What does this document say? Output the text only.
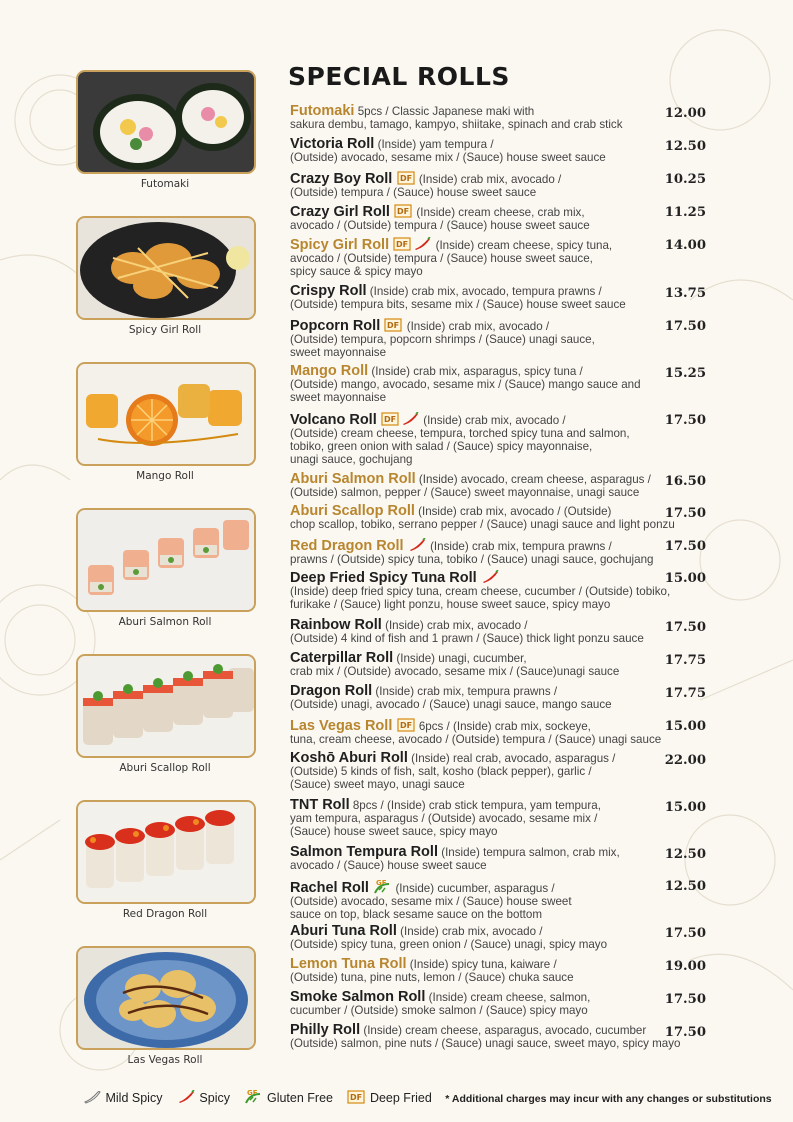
Futomaki
Spicy Girl Roll
Mango Roll
Aburi Salmon Roll
Aburi Scallop Roll
Red Dragon Roll
Las Vegas Roll
SPECIAL ROLLS
Futomaki 5pcs / Classic Japanese maki with
sakura dembu, tamago, kampyo, shiitake, spinach and crab stick
12.00
Victoria Roll (Inside) yam tempura /
(Outside) avocado, sesame mix / (Sauce) house sweet sauce
12.50
Crazy Boy Roll DF (Inside) crab mix, avocado /
(Outside) tempura / (Sauce) house sweet sauce
10.25
Crazy Girl Roll DF (Inside) cream cheese, crab mix,
avocado / (Outside) tempura / (Sauce) house sweet sauce
11.25
Spicy Girl Roll DF (Inside) cream cheese, spicy tuna,
avocado / (Outside) tempura / (Sauce) house sweet sauce,
spicy sauce & spicy mayo
14.00
Crispy Roll (Inside) crab mix, avocado, tempura prawns /
(Outside) tempura bits, sesame mix / (Sauce) house sweet sauce
13.75
Popcorn Roll DF (Inside) crab mix, avocado /
(Outside) tempura, popcorn shrimps / (Sauce) unagi sauce,
sweet mayonnaise
17.50
Mango Roll (Inside) crab mix, asparagus, spicy tuna /
(Outside) mango, avocado, sesame mix / (Sauce) mango sauce and
sweet mayonnaise
15.25
Volcano Roll DF (Inside) crab mix, avocado /
(Outside) cream cheese, tempura, torched spicy tuna and salmon,
tobiko, green onion with salad / (Sauce) spicy mayonnaise,
unagi sauce, gochujang
17.50
Aburi Salmon Roll (Inside) avocado, cream cheese, asparagus /
(Outside) salmon, pepper / (Sauce) sweet mayonnaise, unagi sauce
16.50
Aburi Scallop Roll (Inside) crab mix, avocado / (Outside)
chop scallop, tobiko, serrano pepper / (Sauce) unagi sauce and light ponzu
17.50
Red Dragon Roll (Inside) crab mix, tempura prawns /
prawns / (Outside) spicy tuna, tobiko / (Sauce) unagi sauce, gochujang
17.50
Deep Fried Spicy Tuna Roll
(Inside) deep fried spicy tuna, cream cheese, cucumber / (Outside) tobiko,
furikake / (Sauce) light ponzu, house sweet sauce, spicy mayo
15.00
Rainbow Roll (Inside) crab mix, avocado /
(Outside) 4 kind of fish and 1 prawn / (Sauce) thick light ponzu sauce
17.50
Caterpillar Roll (Inside) unagi, cucumber,
crab mix / (Outside) avocado, sesame mix / (Sauce)unagi sauce
17.75
Dragon Roll (Inside) crab mix, tempura prawns /
(Outside) unagi, avocado / (Sauce) unagi sauce, mango sauce
17.75
Las Vegas Roll DF 6pcs / (Inside) crab mix, sockeye,
tuna, cream cheese, avocado / (Outside) tempura / (Sauce) unagi sauce
15.00
Koshō Aburi Roll (Inside) real crab, avocado, asparagus /
(Outside) 5 kinds of fish, salt, kosho (black pepper), garlic /
(Sauce) sweet mayo, unagi sauce
22.00
TNT Roll 8pcs / (Inside) crab stick tempura, yam tempura,
yam tempura, asparagus / (Outside) avocado, sesame mix /
(Sauce) house sweet sauce, spicy mayo
15.00
Salmon Tempura Roll (Inside) tempura salmon, crab mix,
avocado / (Sauce) house sweet sauce
12.50
Rachel Roll GF (Inside) cucumber, asparagus /
(Outside) avocado, sesame mix / (Sauce) house sweet
sauce on top, black sesame sauce on the bottom
12.50
Aburi Tuna Roll (Inside) crab mix, avocado /
(Outside) spicy tuna, green onion / (Sauce) unagi, spicy mayo
17.50
Lemon Tuna Roll (Inside) spicy tuna, kaiware /
(Outside) tuna, pine nuts, lemon / (Sauce) chuka sauce
19.00
Smoke Salmon Roll (Inside) cream cheese, salmon,
cucumber / (Outside) smoke salmon / (Sauce) spicy mayo
17.50
Philly Roll (Inside) cream cheese, asparagus, avocado, cucumber
(Outside) salmon, pine nuts / (Sauce) unagi sauce, sweet mayo, spicy mayo
17.50
Mild Spicy	Spicy GF Gluten Free DF Deep Fried * Additional charges may incur with any changes or substitutions
